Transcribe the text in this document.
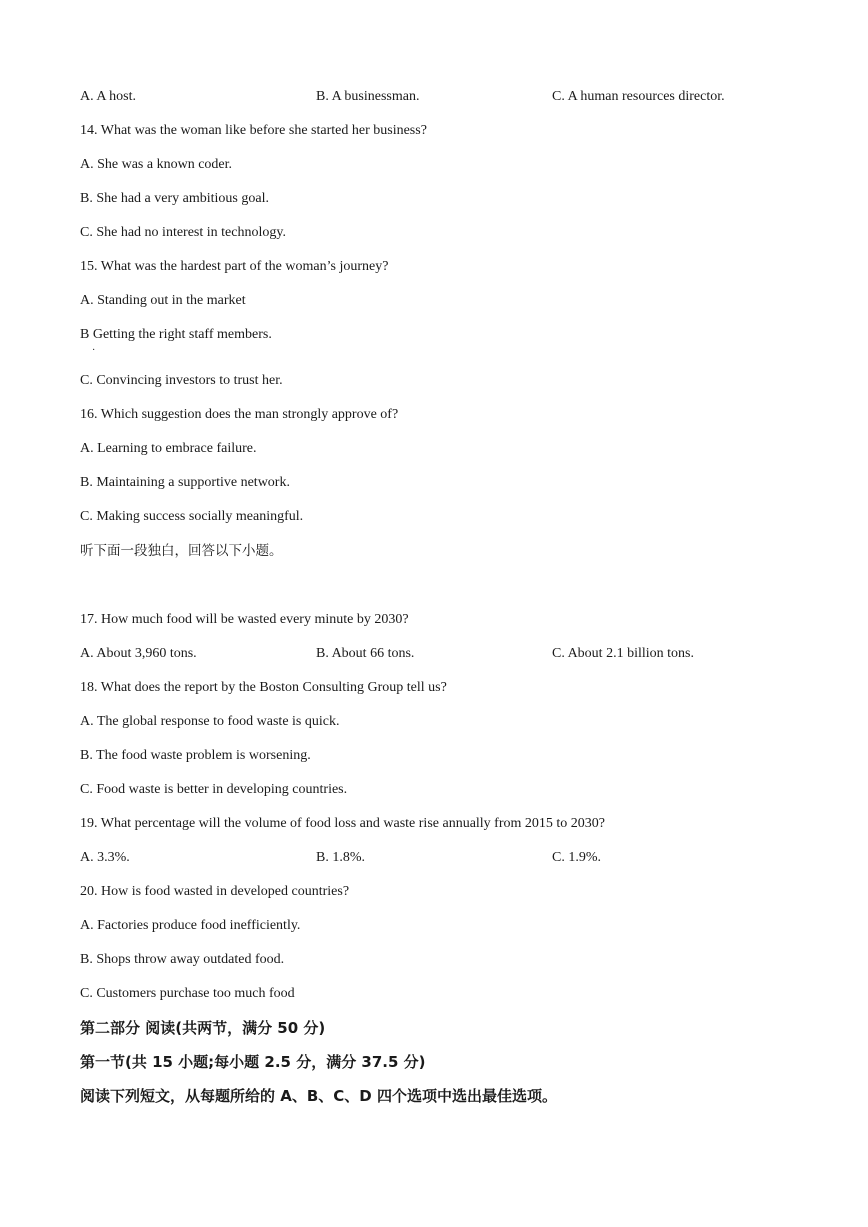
A. A host.	B. A businessman.	C. A human resources director.
14. What was the woman like before she started her business?
A. She was a known coder.
B. She had a very ambitious goal.
C. She had no interest in technology.
15. What was the hardest part of the woman’s journey?
A. Standing out in the market
B Getting the right staff members.
·
C. Convincing investors to trust her.
16. Which suggestion does the man strongly approve of?
A. Learning to embrace failure.
B. Maintaining a supportive network.
C. Making success socially meaningful.
听下面一段独白，回答以下小题。
17. How much food will be wasted every minute by 2030?
A. About 3,960 tons.	B. About 66 tons.	C. About 2.1 billion tons.
18. What does the report by the Boston Consulting Group tell us?
A. The global response to food waste is quick.
B. The food waste problem is worsening.
C. Food waste is better in developing countries.
19. What percentage will the volume of food loss and waste rise annually from 2015 to 2030?
A. 3.3%.	B. 1.8%.	C. 1.9%.
20. How is food wasted in developed countries?
A. Factories produce food inefficiently.
B. Shops throw away outdated food.
C. Customers purchase too much food
第二部分 阅读(共两节，满分 50 分)
第一节(共 15 小题;每小题 2.5 分，满分 37.5 分)
阅读下列短文，从每题所给的 A、B、C、D 四个选项中选出最佳选项。
